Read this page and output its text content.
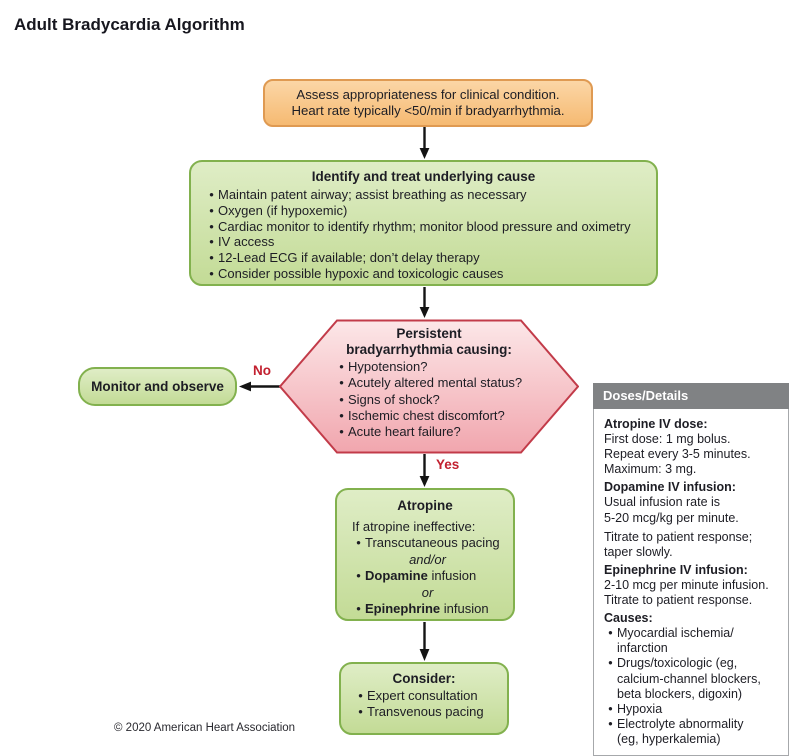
Adult Bradycardia Algorithm
Assess appropriateness for clinical condition.
Heart rate typically <50/min if bradyarrhythmia.
Identify and treat underlying cause
• Maintain patent airway; assist breathing as necessary
• Oxygen (if hypoxemic)
• Cardiac monitor to identify rhythm; monitor blood pressure and oximetry
• IV access
• 12-Lead ECG if available; don’t delay therapy
• Consider possible hypoxic and toxicologic causes
Persistent
bradyarrhythmia causing:
• Hypotension?
• Acutely altered mental status?
• Signs of shock?
• Ischemic chest discomfort?
• Acute heart failure?
No
Yes
Monitor and observe
Atropine
If atropine ineffective:
• Transcutaneous pacing
and/or
• Dopamine infusion
or
• Epinephrine infusion
Consider:
• Expert consultation
• Transvenous pacing
Doses/Details
Atropine IV dose:
First dose: 1 mg bolus.
Repeat every 3-5 minutes.
Maximum: 3 mg.
Dopamine IV infusion:
Usual infusion rate is
5-20 mcg/kg per minute.
Titrate to patient response;
taper slowly.
Epinephrine IV infusion:
2-10 mcg per minute infusion.
Titrate to patient response.
Causes:
• Myocardial ischemia/
infarction
• Drugs/toxicologic (eg,
calcium-channel blockers,
beta blockers, digoxin)
• Hypoxia
• Electrolyte abnormality
(eg, hyperkalemia)
© 2020 American Heart Association
